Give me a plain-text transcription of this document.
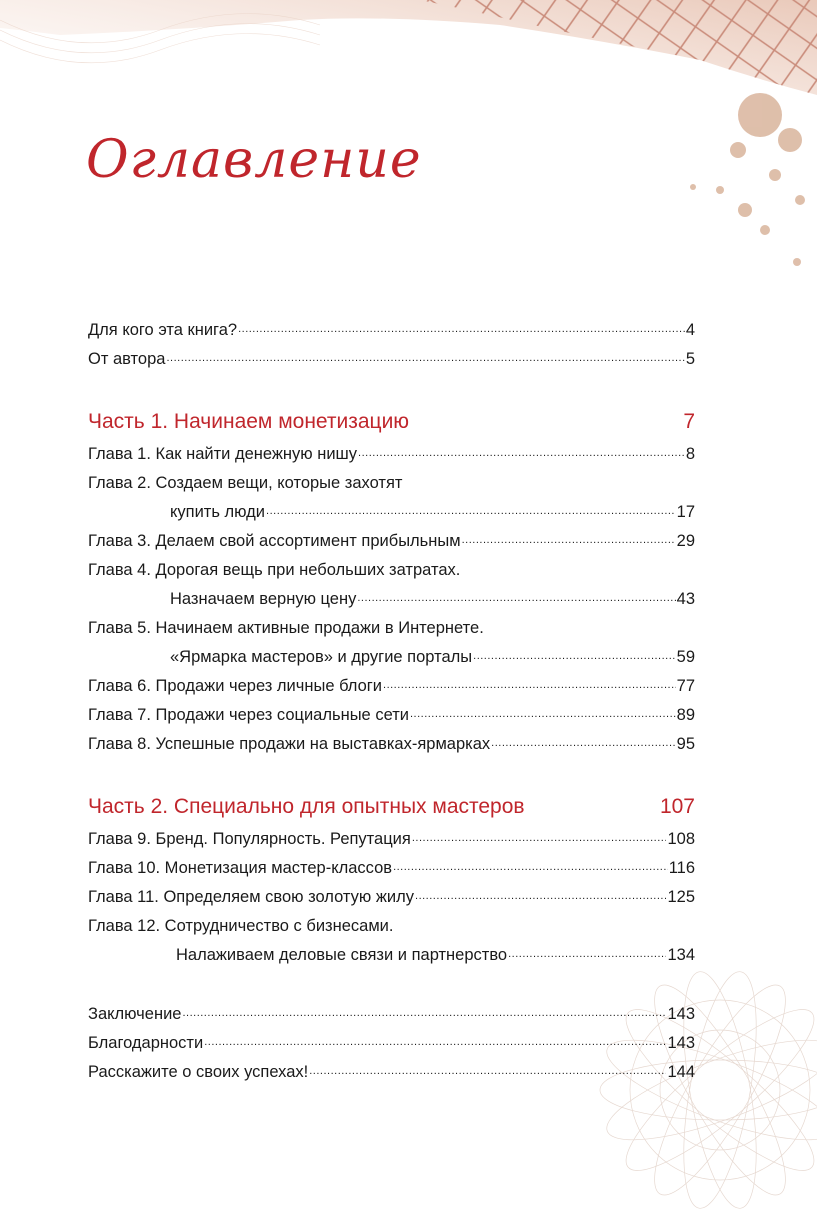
Оглавление
Для кого эта книга? .....	4
От автора .....	5
Часть 1. Начинаем монетизацию .....	7
Глава 1. Как найти денежную нишу .....	8
Глава 2. Создаем вещи, которые захотят
купить люди .....	17
Глава 3. Делаем свой ассортимент прибыльным .....	29
Глава 4. Дорогая вещь при небольших затратах.
Назначаем верную цену .....	43
Глава 5. Начинаем активные продажи в Интернете.
«Ярмарка мастеров» и другие порталы .....	59
Глава 6. Продажи через личные блоги .....	77
Глава 7. Продажи через социальные сети .....	89
Глава 8. Успешные продажи на выставках-ярмарках .....	95
Часть 2. Специально для опытных мастеров .....	107
Глава 9. Бренд. Популярность. Репутация .....	108
Глава 10. Монетизация мастер-классов .....	116
Глава 11. Определяем свою золотую жилу .....	125
Глава 12. Сотрудничество с бизнесами.
Налаживаем деловые связи и партнерство .....	134
Заключение .....	143
Благодарности .....	143
Расскажите о своих успехах! .....	144
